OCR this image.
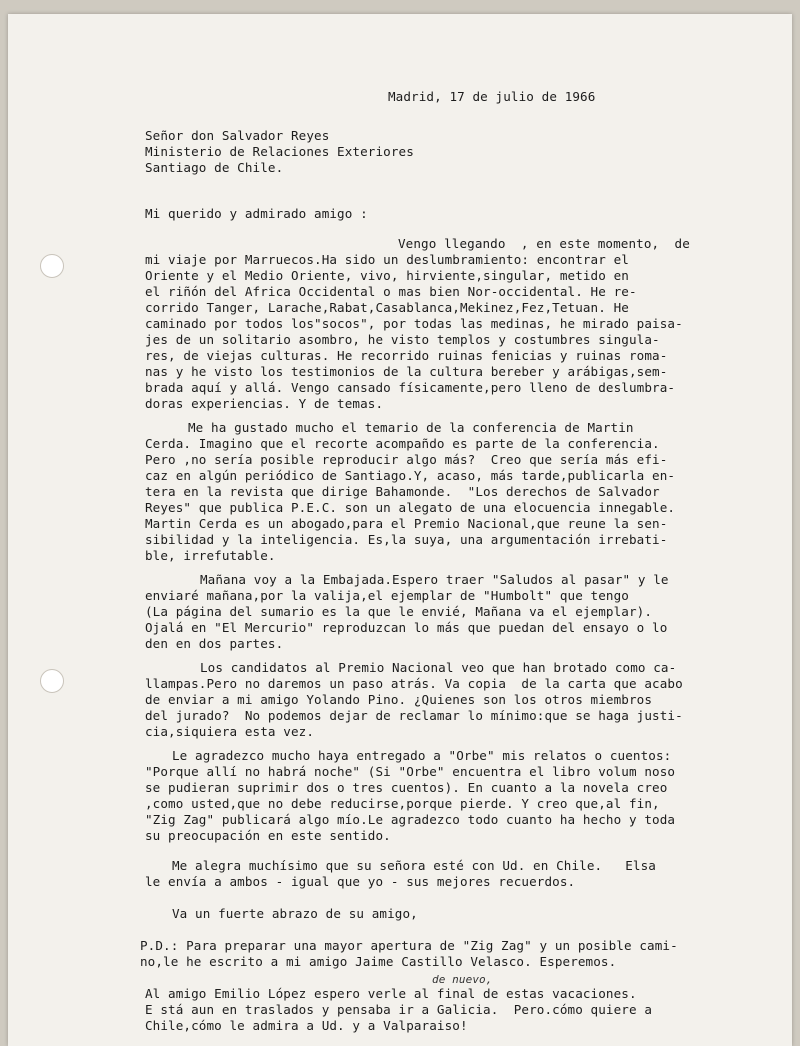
Madrid, 17 de julio de 1966
Señor don Salvador Reyes
Ministerio de Relaciones Exteriores
Santiago de Chile.
Mi querido y admirado amigo :
Vengo llegando  , en este momento,  de
mi viaje por Marruecos.Ha sido un deslumbramiento: encontrar el
Oriente y el Medio Oriente, vivo, hirviente,singular, metido en
el riñón del Africa Occidental o mas bien Nor-occidental. He re-
corrido Tanger, Larache,Rabat,Casablanca,Mekinez,Fez,Tetuan. He
caminado por todos los"socos", por todas las medinas, he mirado paisa-
jes de un solitario asombro, he visto templos y costumbres singula-
res, de viejas culturas. He recorrido ruinas fenicias y ruinas roma-
nas y he visto los testimonios de la cultura bereber y arábigas,sem-
brada aquí y allá. Vengo cansado físicamente,pero lleno de deslumbra-
doras experiencias. Y de temas.
Me ha gustado mucho el temario de la conferencia de Martin
Cerda. Imagino que el recorte acompañdo es parte de la conferencia.
Pero ,no sería posible reproducir algo más?  Creo que sería más efi-
caz en algún periódico de Santiago.Y, acaso, más tarde,publicarla en-
tera en la revista que dirige Bahamonde.  "Los derechos de Salvador
Reyes" que publica P.E.C. son un alegato de una elocuencia innegable.
Martin Cerda es un abogado,para el Premio Nacional,que reune la sen-
sibilidad y la inteligencia. Es,la suya, una argumentación irrebati-
ble, irrefutable.
Mañana voy a la Embajada.Espero traer "Saludos al pasar" y le
enviaré mañana,por la valija,el ejemplar de "Humbolt" que tengo
(La página del sumario es la que le envié, Mañana va el ejemplar).
Ojalá en "El Mercurio" reproduzcan lo más que puedan del ensayo o lo
den en dos partes.
Los candidatos al Premio Nacional veo que han brotado como ca-
llampas.Pero no daremos un paso atrás. Va copia  de la carta que acabo
de enviar a mi amigo Yolando Pino. ¿Quienes son los otros miembros
del jurado?  No podemos dejar de reclamar lo mínimo:que se haga justi-
cia,siquiera esta vez.
Le agradezco mucho haya entregado a "Orbe" mis relatos o cuentos:
"Porque allí no habrá noche" (Si "Orbe" encuentra el libro volum noso
se pudieran suprimir dos o tres cuentos). En cuanto a la novela creo
,como usted,que no debe reducirse,porque pierde. Y creo que,al fin,
"Zig Zag" publicará algo mío.Le agradezco todo cuanto ha hecho y toda
su preocupación en este sentido.
Me alegra muchísimo que su señora esté con Ud. en Chile.   Elsa
le envía a ambos - igual que yo - sus mejores recuerdos.
Va un fuerte abrazo de su amigo,
P.D.: Para preparar una mayor apertura de "Zig Zag" y un posible cami-
no,le he escrito a mi amigo Jaime Castillo Velasco. Esperemos.
de nuevo,
Al amigo Emilio López espero verle al final de estas vacaciones.
E stá aun en traslados y pensaba ir a Galicia.  Pero.cómo quiere a
Chile,cómo le admira a Ud. y a Valparaiso!
